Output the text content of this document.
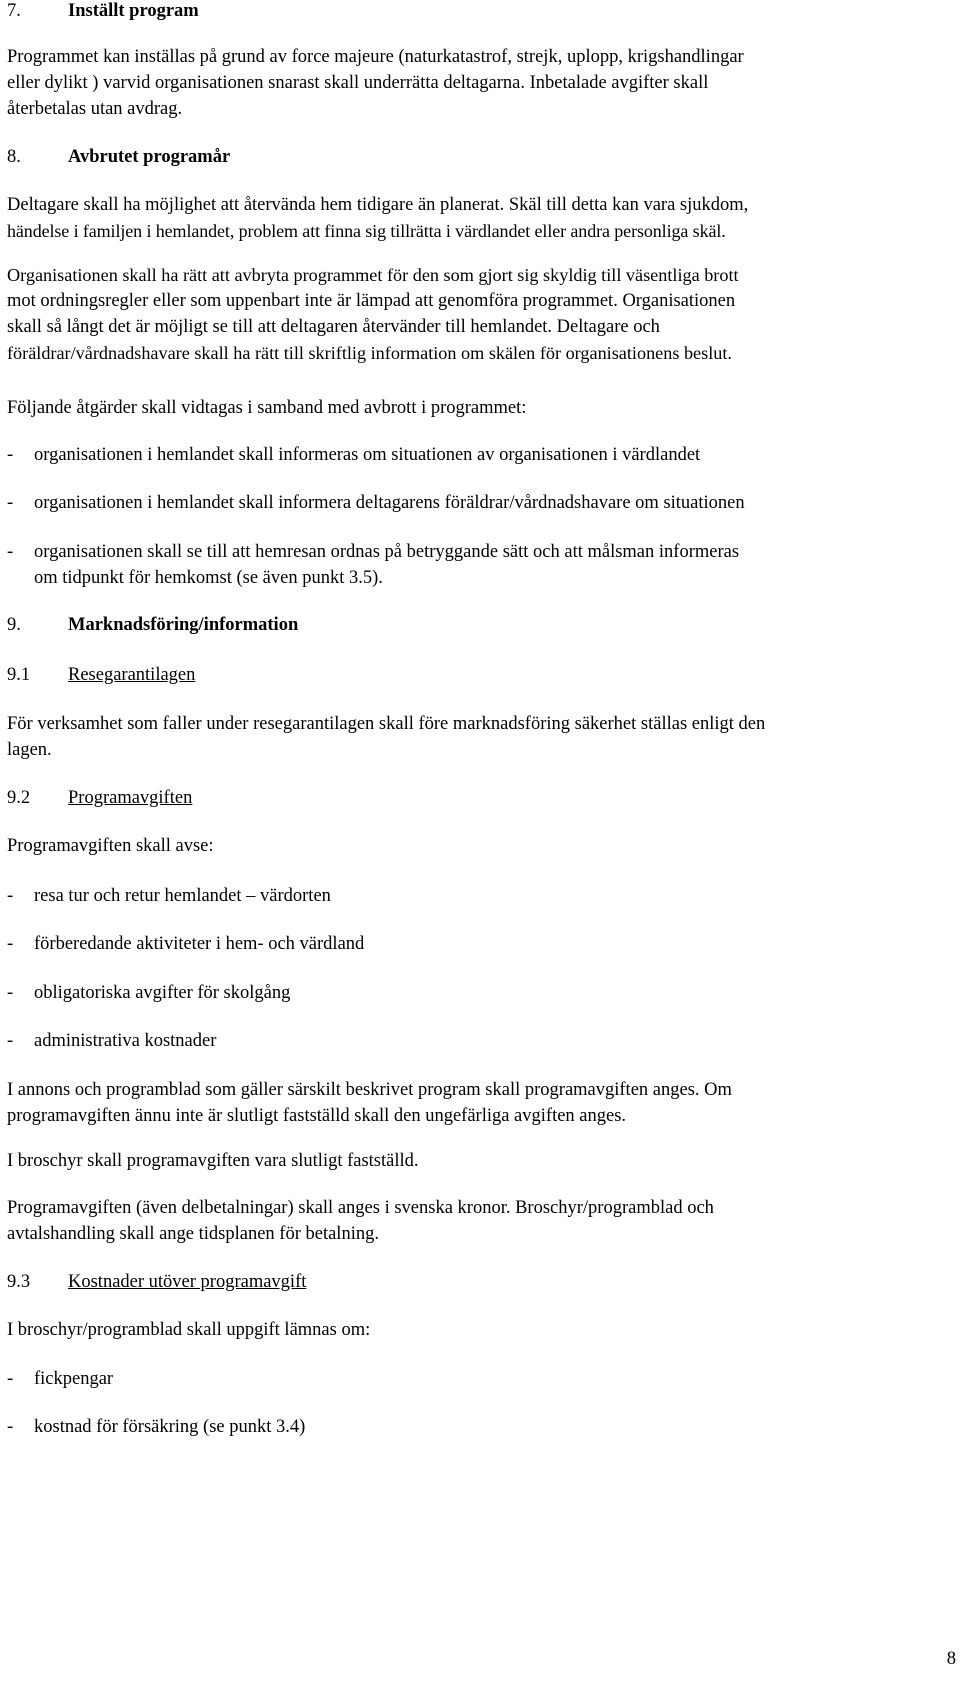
7.	Inställt program

Programmet kan inställas på grund av force majeure (naturkatastrof, strejk, uplopp, krigshandlingar

eller dylikt ) varvid organisationen snarast skall underrätta deltagarna. Inbetalade avgifter skall

återbetalas utan avdrag.

8.	Avbrutet programår

Deltagare skall ha möjlighet att återvända hem tidigare än planerat. Skäl till detta kan vara sjukdom,

händelse i familjen i hemlandet, problem att finna sig tillrätta i värdlandet eller andra personliga skäl.

Organisationen skall ha rätt att avbryta programmet för den som gjort sig skyldig till väsentliga brott

mot ordningsregler eller som uppenbart inte är lämpad att genomföra programmet. Organisationen

skall så långt det är möjligt se till att deltagaren återvänder till hemlandet. Deltagare och

föräldrar/vårdnadshavare skall ha rätt till skriftlig information om skälen för organisationens beslut.

Följande åtgärder skall vidtagas i samband med avbrott i programmet:

-	organisationen i hemlandet skall informeras om situationen av organisationen i värdlandet
-	organisationen i hemlandet skall informera deltagarens föräldrar/vårdnadshavare om situationen
-	organisationen skall se till att hemresan ordnas på betryggande sätt och att målsman informeras
om tidpunkt för hemkomst (se även punkt 3.5).
9.	Marknadsföring/information
9.1	Resegarantilagen

För verksamhet som faller under resegarantilagen skall före marknadsföring säkerhet ställas enligt den

lagen.

9.2	Programavgiften

Programavgiften skall avse:

-	resa tur och retur hemlandet – värdorten
-	förberedande aktiviteter i hem- och värdland
-	obligatoriska avgifter för skolgång
-	administrativa kostnader

I annons och programblad som gäller särskilt beskrivet program skall programavgiften anges. Om

programavgiften ännu inte är slutligt fastställd skall den ungefärliga avgiften anges.

I broschyr skall programavgiften vara slutligt fastställd.

Programavgiften (även delbetalningar) skall anges i svenska kronor. Broschyr/programblad och

avtalshandling skall ange tidsplanen för betalning.

9.3	Kostnader utöver programavgift

I broschyr/programblad skall uppgift lämnas om:

-	fickpengar
-	kostnad för försäkring (se punkt 3.4)
8
